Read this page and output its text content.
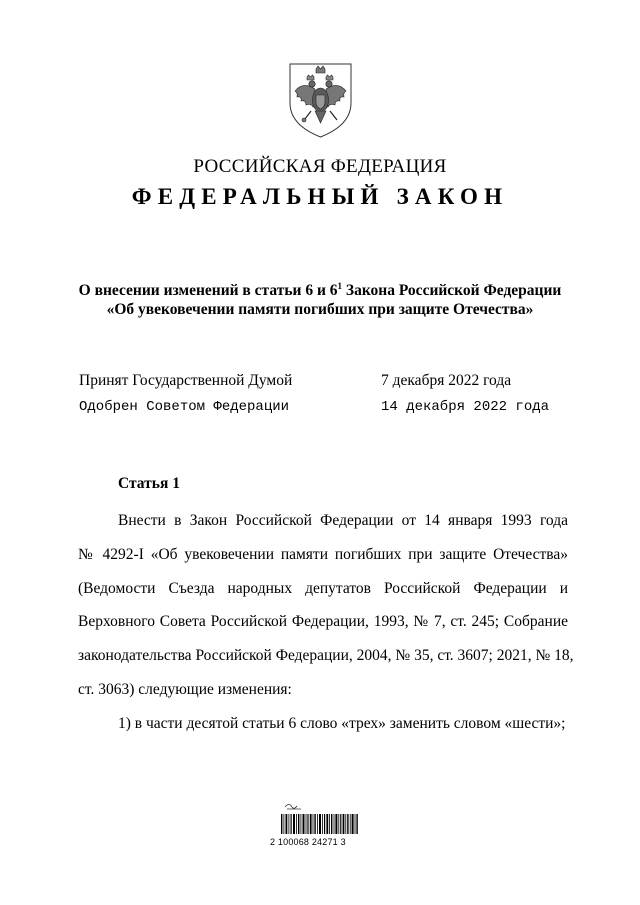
РОССИЙСКАЯ ФЕДЕРАЦИЯ
ФЕДЕРАЛЬНЫЙ ЗАКОН
О внесении изменений в статьи 6 и $6^1$ Закона Российской Федерации
«Об увековечении памяти погибших при защите Отечества»
Принят Государственной Думой	7 декабря 2022 года
Одобрен Советом Федерации	14 декабря 2022 года
Статья 1
Внести в Закон Российской Федерации от 14 января 1993 года
№ 4292-I «Об увековечении памяти погибших при защите Отечества»
(Ведомости Съезда народных депутатов Российской Федерации и
Верховного Совета Российской Федерации, 1993, № 7, ст. 245; Собрание
законодательства Российской Федерации, 2004, № 35, ст. 3607; 2021, № 18,
ст. 3063) следующие изменения:
1) в части десятой статьи 6 слово «трех» заменить словом «шести»;
2 100068 24271 3
